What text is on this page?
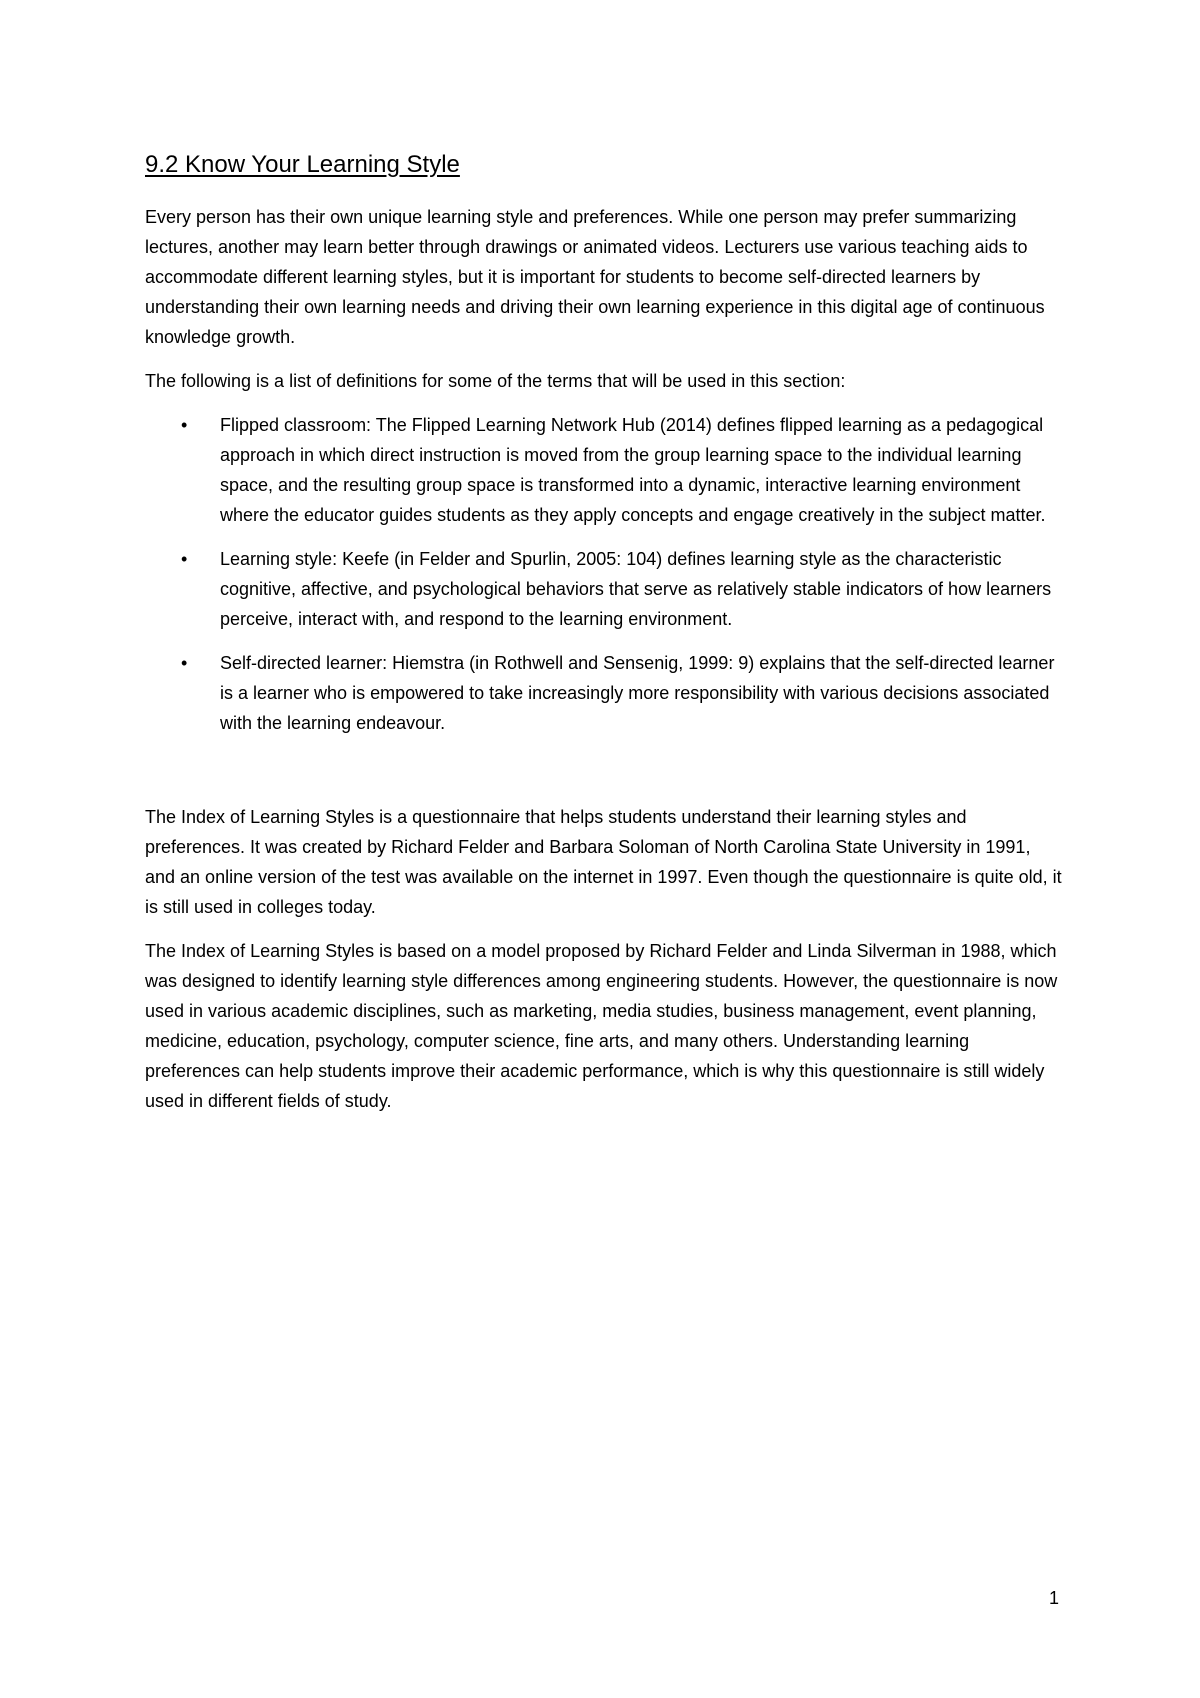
9.2 Know Your Learning Style

Every person has their own unique learning style and preferences. While one person may prefer summarizing lectures, another may learn better through drawings or animated videos. Lecturers use various teaching aids to accommodate different learning styles, but it is important for students to become self-directed learners by understanding their own learning needs and driving their own learning experience in this digital age of continuous knowledge growth.

The following is a list of definitions for some of the terms that will be used in this section:

• Flipped classroom: The Flipped Learning Network Hub (2014) defines flipped learning as a pedagogical approach in which direct instruction is moved from the group learning space to the individual learning space, and the resulting group space is transformed into a dynamic, interactive learning environment where the educator guides students as they apply concepts and engage creatively in the subject matter.
• Learning style: Keefe (in Felder and Spurlin, 2005: 104) defines learning style as the characteristic cognitive, affective, and psychological behaviors that serve as relatively stable indicators of how learners perceive, interact with, and respond to the learning environment.
• Self-directed learner: Hiemstra (in Rothwell and Sensenig, 1999: 9) explains that the self-directed learner is a learner who is empowered to take increasingly more responsibility with various decisions associated with the learning endeavour.

The Index of Learning Styles is a questionnaire that helps students understand their learning styles and preferences. It was created by Richard Felder and Barbara Soloman of North Carolina State University in 1991, and an online version of the test was available on the internet in 1997. Even though the questionnaire is quite old, it is still used in colleges today.

The Index of Learning Styles is based on a model proposed by Richard Felder and Linda Silverman in 1988, which was designed to identify learning style differences among engineering students. However, the questionnaire is now used in various academic disciplines, such as marketing, media studies, business management, event planning, medicine, education, psychology, computer science, fine arts, and many others. Understanding learning preferences can help students improve their academic performance, which is why this questionnaire is still widely used in different fields of study.

1
